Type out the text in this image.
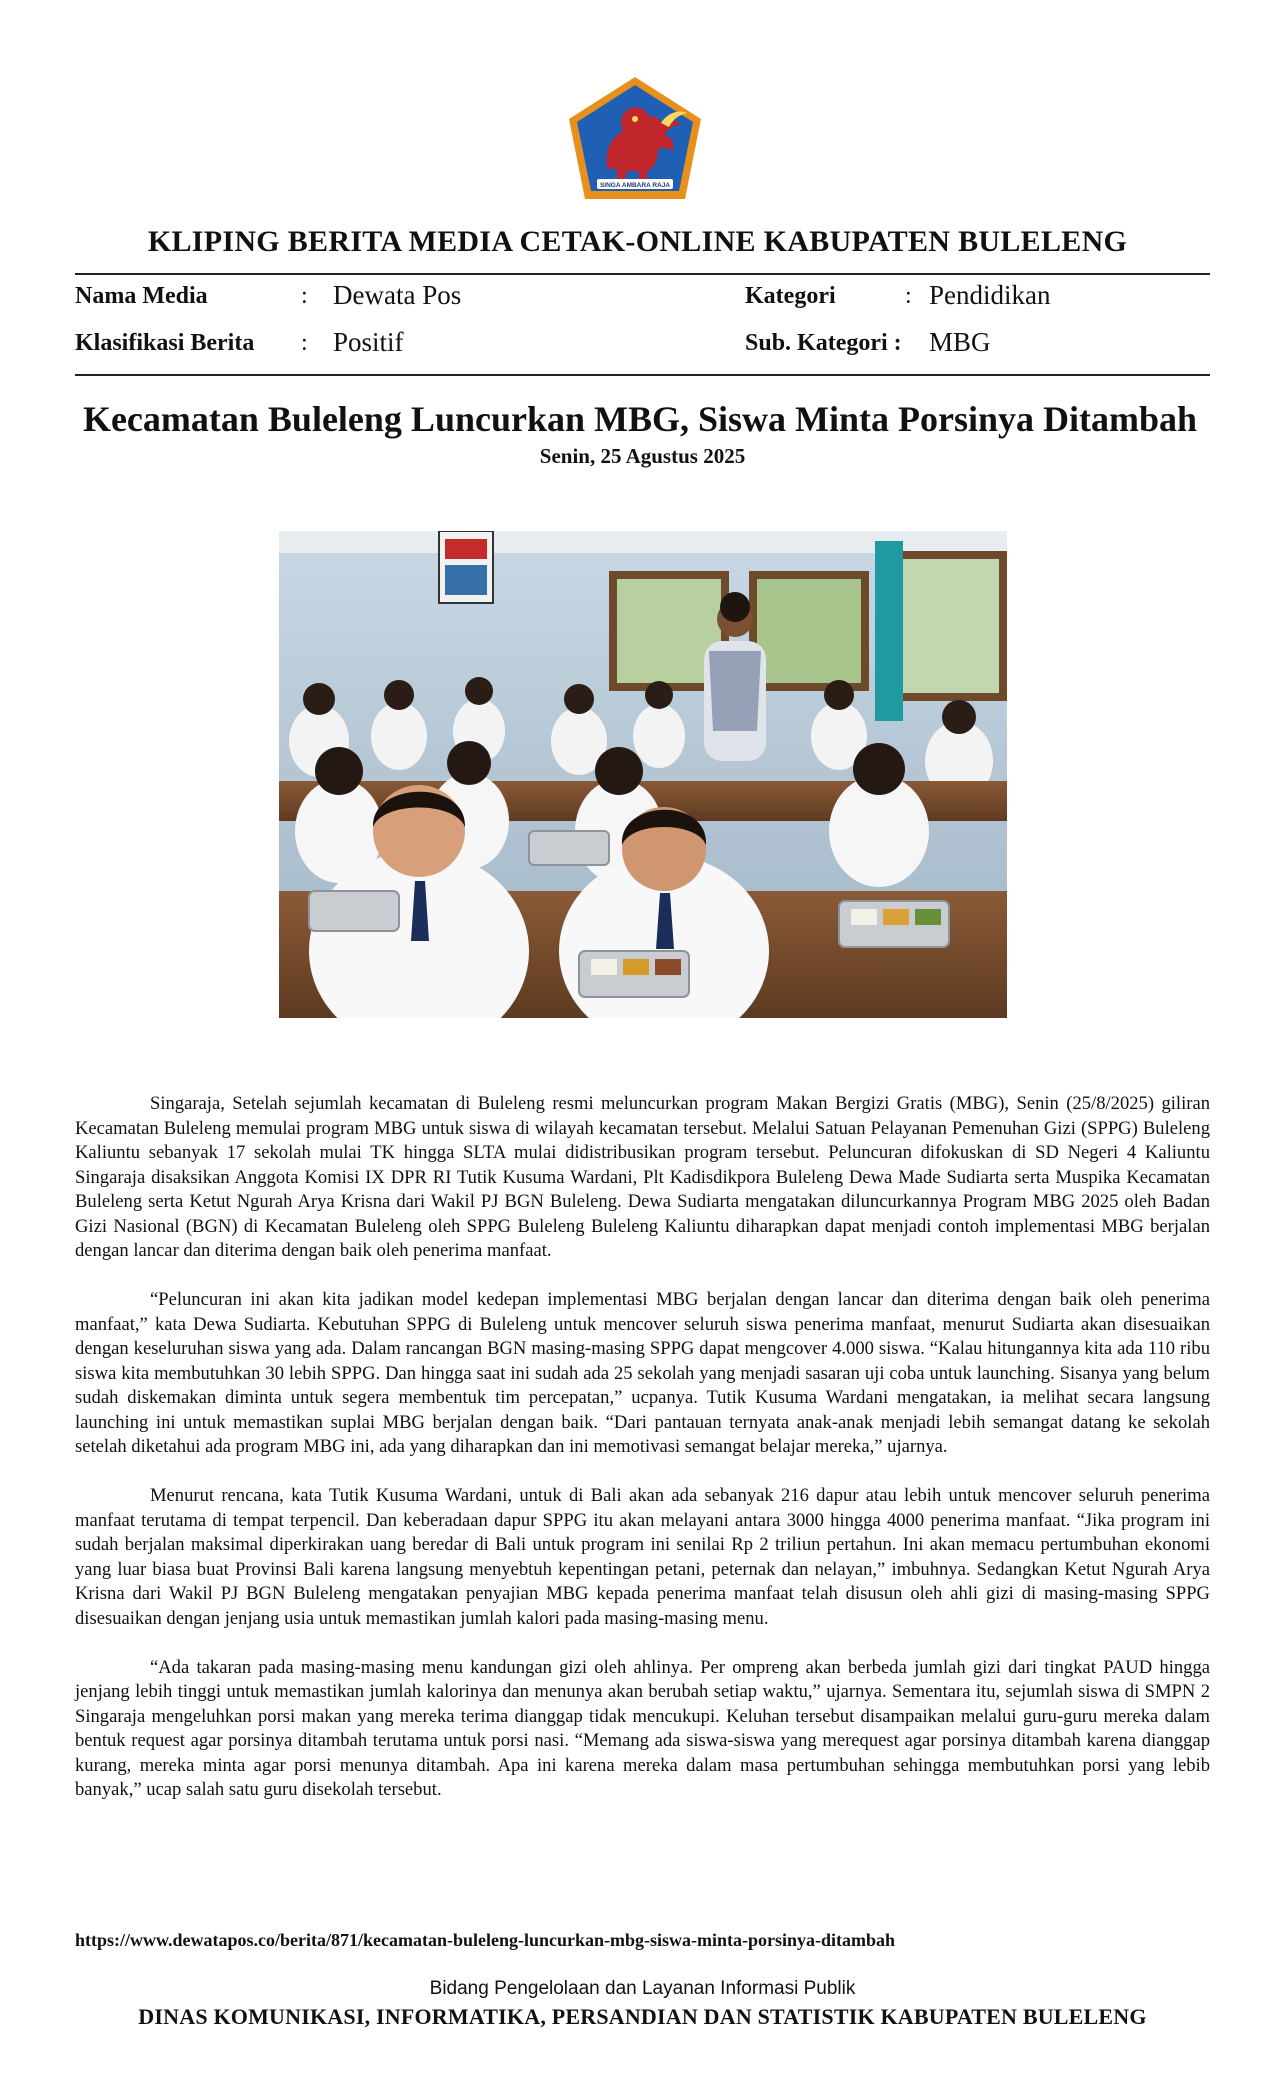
SINGA AMBARA RAJA
KLIPING BERITA MEDIA CETAK-ONLINE KABUPATEN BULELENG
Nama Media	: Dewata Pos	Kategori	: Pendidikan
Klasifikasi Berita : Positif	Sub. Kategori : MBG
Kecamatan Buleleng Luncurkan MBG, Siswa Minta Porsinya Ditambah
Senin, 25 Agustus 2025

Singaraja, Setelah sejumlah kecamatan di Buleleng resmi meluncurkan program Makan Bergizi Gratis (MBG), Senin (25/8/2025) giliran Kecamatan Buleleng memulai program MBG untuk siswa di wilayah kecamatan tersebut. Melalui Satuan Pelayanan Pemenuhan Gizi (SPPG) Buleleng Kaliuntu sebanyak 17 sekolah mulai TK hingga SLTA mulai didistribusikan program tersebut. Peluncuran difokuskan di SD Negeri 4 Kaliuntu Singaraja disaksikan Anggota Komisi IX DPR RI Tutik Kusuma Wardani, Plt Kadisdikpora Buleleng Dewa Made Sudiarta serta Muspika Kecamatan Buleleng serta Ketut Ngurah Arya Krisna dari Wakil PJ BGN Buleleng. Dewa Sudiarta mengatakan diluncurkannya Program MBG 2025 oleh Badan Gizi Nasional (BGN) di Kecamatan Buleleng oleh SPPG Buleleng Buleleng Kaliuntu diharapkan dapat menjadi contoh implementasi MBG berjalan dengan lancar dan diterima dengan baik oleh penerima manfaat.

“Peluncuran ini akan kita jadikan model kedepan implementasi MBG berjalan dengan lancar dan diterima dengan baik oleh penerima manfaat,” kata Dewa Sudiarta. Kebutuhan SPPG di Buleleng untuk mencover seluruh siswa penerima manfaat, menurut Sudiarta akan disesuaikan dengan keseluruhan siswa yang ada. Dalam rancangan BGN masing-masing SPPG dapat mengcover 4.000 siswa. “Kalau hitungannya kita ada 110 ribu siswa kita membutuhkan 30 lebih SPPG. Dan hingga saat ini sudah ada 25 sekolah yang menjadi sasaran uji coba untuk launching. Sisanya yang belum sudah diskemakan diminta untuk segera membentuk tim percepatan,” ucpanya. Tutik Kusuma Wardani mengatakan, ia melihat secara langsung launching ini untuk memastikan suplai MBG berjalan dengan baik. “Dari pantauan ternyata anak-anak menjadi lebih semangat datang ke sekolah setelah diketahui ada program MBG ini, ada yang diharapkan dan ini memotivasi semangat belajar mereka,” ujarnya.

Menurut rencana, kata Tutik Kusuma Wardani, untuk di Bali akan ada sebanyak 216 dapur atau lebih untuk mencover seluruh penerima manfaat terutama di tempat terpencil. Dan keberadaan dapur SPPG itu akan melayani antara 3000 hingga 4000 penerima manfaat. “Jika program ini sudah berjalan maksimal diperkirakan uang beredar di Bali untuk program ini senilai Rp 2 triliun pertahun. Ini akan memacu pertumbuhan ekonomi yang luar biasa buat Provinsi Bali karena langsung menyebtuh kepentingan petani, peternak dan nelayan,” imbuhnya. Sedangkan Ketut Ngurah Arya Krisna dari Wakil PJ BGN Buleleng mengatakan penyajian MBG kepada penerima manfaat telah disusun oleh ahli gizi di masing-masing SPPG disesuaikan dengan jenjang usia untuk memastikan jumlah kalori pada masing-masing menu.

“Ada takaran pada masing-masing menu kandungan gizi oleh ahlinya. Per ompreng akan berbeda jumlah gizi dari tingkat PAUD hingga jenjang lebih tinggi untuk memastikan jumlah kalorinya dan menunya akan berubah setiap waktu,” ujarnya. Sementara itu, sejumlah siswa di SMPN 2 Singaraja mengeluhkan porsi makan yang mereka terima dianggap tidak mencukupi. Keluhan tersebut disampaikan melalui guru-guru mereka dalam bentuk request agar porsinya ditambah terutama untuk porsi nasi. “Memang ada siswa-siswa yang merequest agar porsinya ditambah karena dianggap kurang, mereka minta agar porsi menunya ditambah. Apa ini karena mereka dalam masa pertumbuhan sehingga membutuhkan porsi yang lebib banyak,” ucap salah satu guru disekolah tersebut.

https://www.dewatapos.co/berita/871/kecamatan-buleleng-luncurkan-mbg-siswa-minta-porsinya-ditambah
Bidang Pengelolaan dan Layanan Informasi Publik
DINAS KOMUNIKASI, INFORMATIKA, PERSANDIAN DAN STATISTIK KABUPATEN BULELENG
